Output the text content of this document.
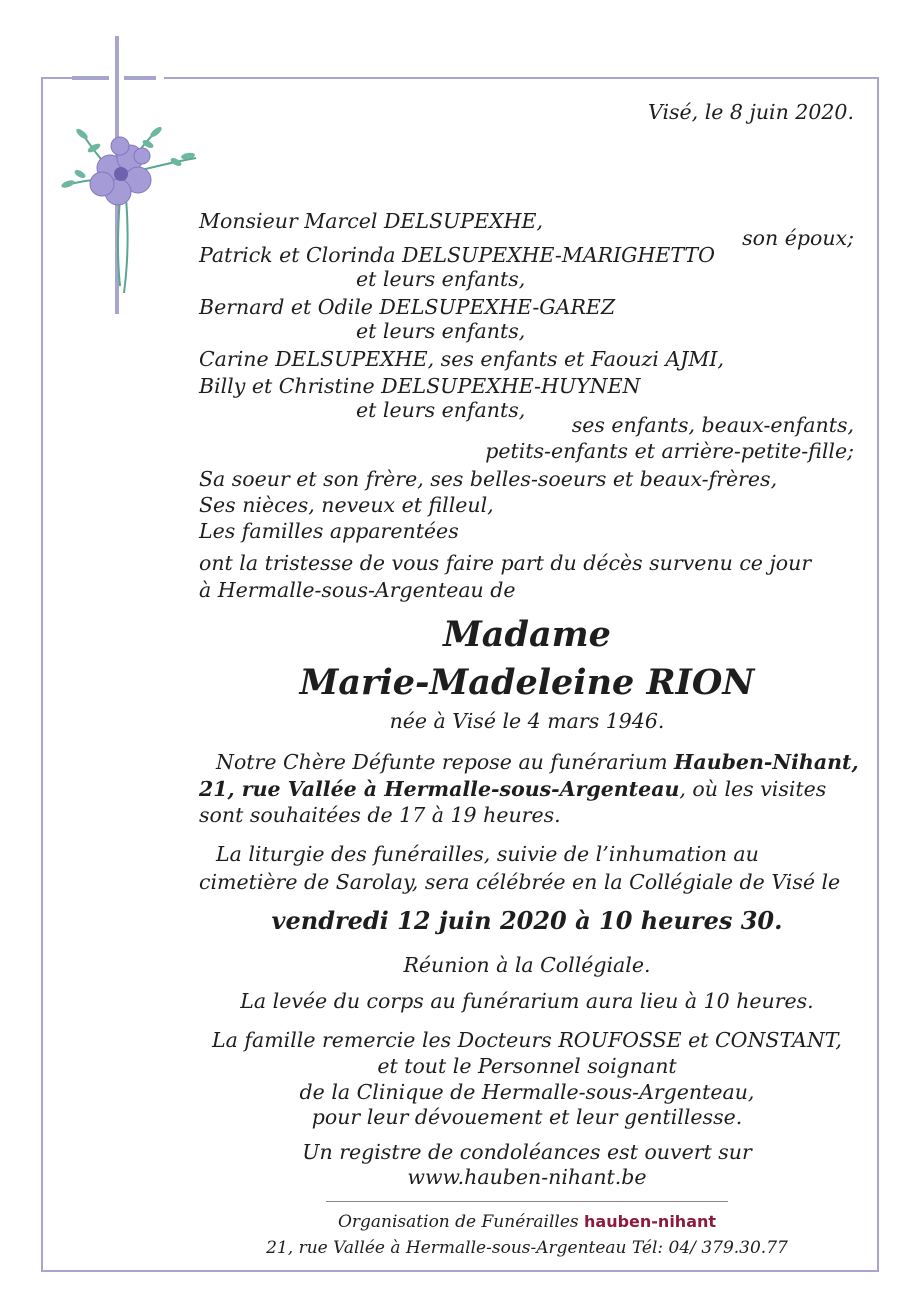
Visé, le 8 juin 2020.
Monsieur Marcel DELSUPEXHE,
son époux;
Patrick et Clorinda DELSUPEXHE-MARIGHETTO
et leurs enfants,
Bernard et Odile DELSUPEXHE-GAREZ
et leurs enfants,
Carine DELSUPEXHE, ses enfants et Faouzi AJMI,
Billy et Christine DELSUPEXHE-HUYNEN
et leurs enfants,
ses enfants, beaux-enfants,
petits-enfants et arrière-petite-fille;
Sa soeur et son frère, ses belles-soeurs et beaux-frères,
Ses nièces, neveux et filleul,
Les familles apparentées
ont la tristesse de vous faire part du décès survenu ce jour
à Hermalle-sous-Argenteau de
Madame
Marie-Madeleine RION
née à Visé le 4 mars 1946.
Notre Chère Défunte repose au funérarium Hauben-Nihant,
21, rue Vallée à Hermalle-sous-Argenteau, où les visites
sont souhaitées de 17 à 19 heures.
La liturgie des funérailles, suivie de l’inhumation au
cimetière de Sarolay, sera célébrée en la Collégiale de Visé le
vendredi 12 juin 2020 à 10 heures 30.
Réunion à la Collégiale.
La levée du corps au funérarium aura lieu à 10 heures.
La famille remercie les Docteurs ROUFOSSE et CONSTANT,
et tout le Personnel soignant
de la Clinique de Hermalle-sous-Argenteau,
pour leur dévouement et leur gentillesse.
Un registre de condoléances est ouvert sur
www.hauben-nihant.be
Organisation de Funérailles hauben-nihant
21, rue Vallée à Hermalle-sous-Argenteau Tél: 04/ 379.30.77
